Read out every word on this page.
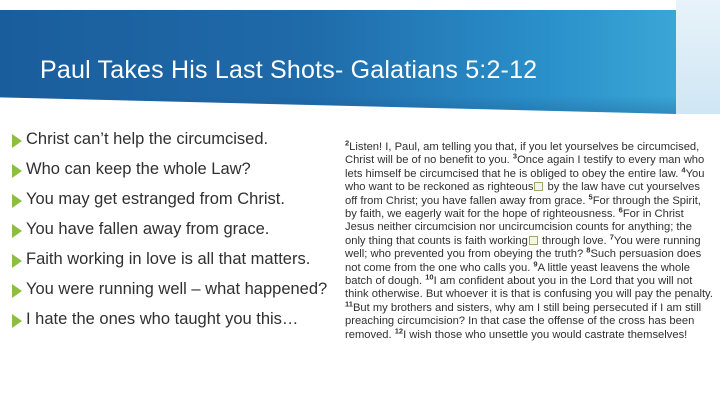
Paul Takes His Last Shots- Galatians 5:2-12
Christ can’t help the circumcised.
Who can keep the whole Law?
You may get estranged from Christ.
You have fallen away from grace.
Faith working in love is all that matters.
You were running well – what happened?
I hate the ones who taught you this…
$^2$Listen! I, Paul, am telling you that, if you let yourselves be circumcised, Christ will be of no benefit to you. $^3$Once again I testify to every man who lets himself be circumcised that he is obliged to obey the entire law. $^4$You who want to be reckoned as righteous by the law have cut yourselves off from Christ; you have fallen away from grace. $^5$For through the Spirit, by faith, we eagerly wait for the hope of righteousness. $^6$For in Christ Jesus neither circumcision nor uncircumcision counts for anything; the only thing that counts is faith working through love. $^7$You were running well; who prevented you from obeying the truth? $^8$Such persuasion does not come from the one who calls you. $^9$A little yeast leavens the whole batch of dough. $^{10}$I am confident about you in the Lord that you will not think otherwise. But whoever it is that is confusing you will pay the penalty. $^{11}$But my brothers and sisters, why am I still being persecuted if I am still preaching circumcision? In that case the offense of the cross has been removed. $^{12}$I wish those who unsettle you would castrate themselves!
